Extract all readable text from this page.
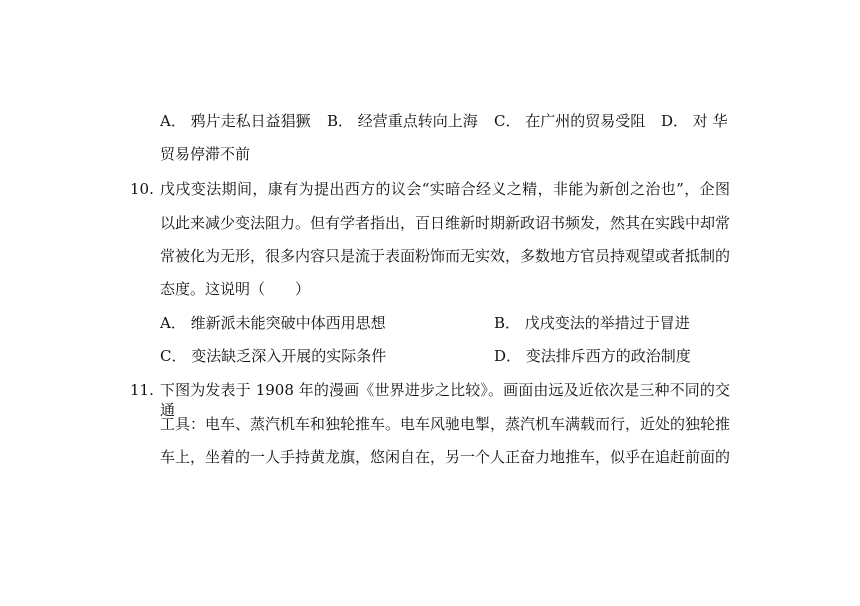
A． 鸦片走私日益猖獗 B． 经营重点转向上海 C． 在广州的贸易受阻 D． 对 华
贸易停滞不前
10. 戊戌变法期间，康有为提出西方的议会“实暗合经义之精，非能为新创之治也”，企图
以此来减少变法阻力。但有学者指出，百日维新时期新政诏书频发，然其在实践中却常
常被化为无形，很多内容只是流于表面粉饰而无实效，多数地方官员持观望或者抵制的
态度。这说明（　　）
A． 维新派未能突破中体西用思想	B． 戊戌变法的举措过于冒进
C． 变法缺乏深入开展的实际条件	D． 变法排斥西方的政治制度
11. 下图为发表于 1908 年的漫画《世界进步之比较》。画面由远及近依次是三种不同的交通
工具：电车、蒸汽机车和独轮推车。电车风驰电掣，蒸汽机车满载而行，近处的独轮推
车上，坐着的一人手持黄龙旗，悠闲自在，另一个人正奋力地推车，似乎在追赶前面的
